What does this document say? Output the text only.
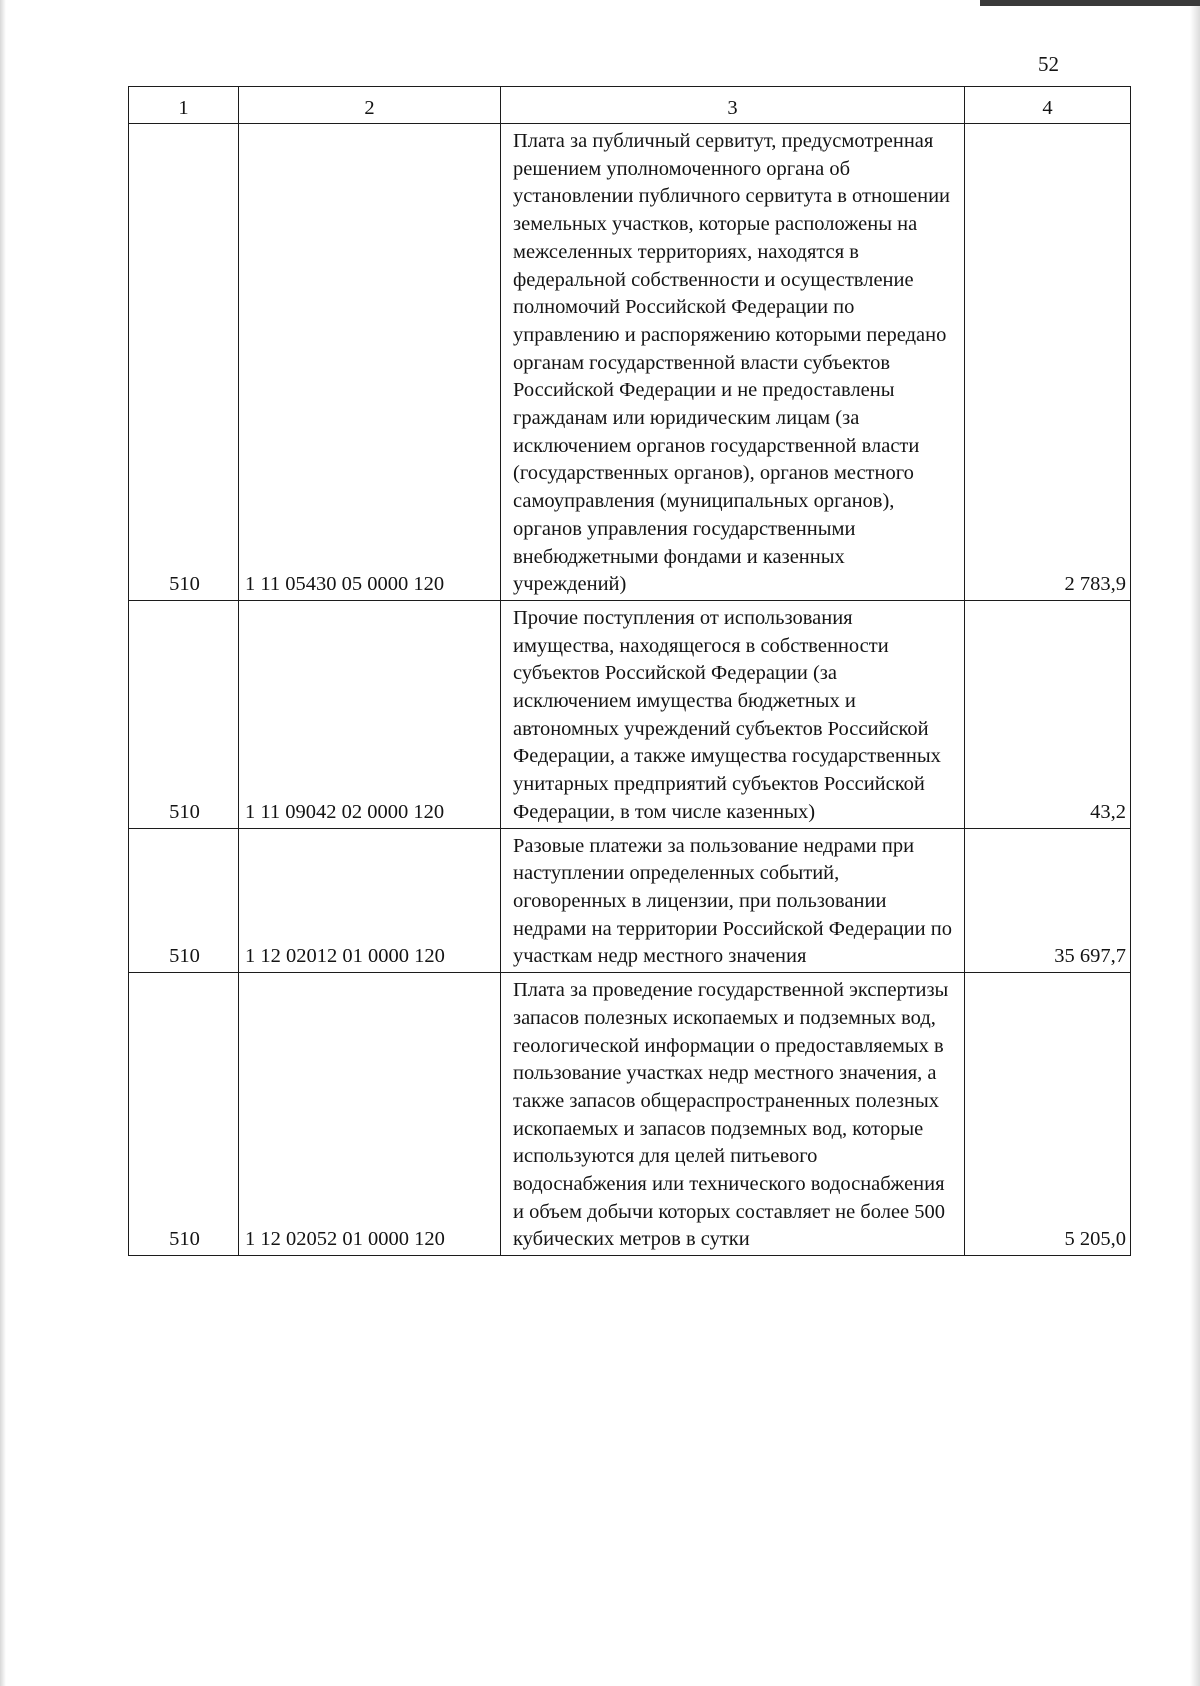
52
1	2	3	4
510	1 11 05430 05 0000 120	Плата за публичный сервитут, предусмотренная решением уполномоченного органа об установлении публичного сервитута в отношении земельных участков, которые расположены на межселенных территориях, находятся в федеральной собственности и осуществление полномочий Российской Федерации по управлению и распоряжению которыми передано органам государственной власти субъектов Российской Федерации и не предоставлены гражданам или юридическим лицам (за исключением органов государственной власти (государственных органов), органов местного самоуправления (муниципальных органов), органов управления государственными внебюджетными фондами и казенных учреждений)	2 783,9
510	1 11 09042 02 0000 120	Прочие поступления от использования имущества, находящегося в собственности субъектов Российской Федерации (за исключением имущества бюджетных и автономных учреждений субъектов Российской Федерации, а также имущества государственных унитарных предприятий субъектов Российской Федерации, в том числе казенных)	43,2
510	1 12 02012 01 0000 120	Разовые платежи за пользование недрами при наступлении определенных событий, оговоренных в лицензии, при пользовании недрами на территории Российской Федерации по участкам недр местного значения	35 697,7
510	1 12 02052 01 0000 120	Плата за проведение государственной экспертизы запасов полезных ископаемых и подземных вод, геологической информации о предоставляемых в пользование участках недр местного значения, а также запасов общераспространенных полезных ископаемых и запасов подземных вод, которые используются для целей питьевого водоснабжения или технического водоснабжения и объем добычи которых составляет не более 500 кубических метров в сутки	5 205,0
